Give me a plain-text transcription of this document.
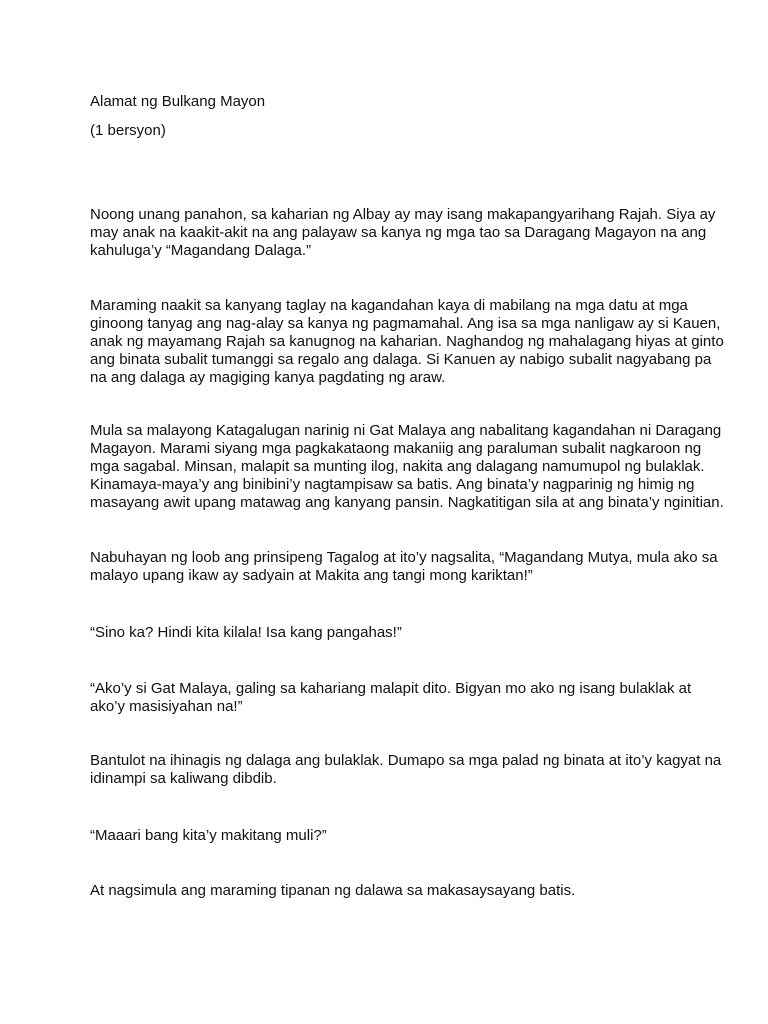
Alamat ng Bulkang Mayon

(1 bersyon)

Noong unang panahon, sa kaharian ng Albay ay may isang makapangyarihang Rajah. Siya ay
may anak na kaakit-akit na ang palayaw sa kanya ng mga tao sa Daragang Magayon na ang
kahuluga’y “Magandang Dalaga.”

Maraming naakit sa kanyang taglay na kagandahan kaya di mabilang na mga datu at mga
ginoong tanyag ang nag-alay sa kanya ng pagmamahal. Ang isa sa mga nanligaw ay si Kauen,
anak ng mayamang Rajah sa kanugnog na kaharian. Naghandog ng mahalagang hiyas at ginto
ang binata subalit tumanggi sa regalo ang dalaga. Si Kanuen ay nabigo subalit nagyabang pa
na ang dalaga ay magiging kanya pagdating ng araw.

Mula sa malayong Katagalugan narinig ni Gat Malaya ang nabalitang kagandahan ni Daragang
Magayon. Marami siyang mga pagkakataong makaniig ang paraluman subalit nagkaroon ng
mga sagabal. Minsan, malapit sa munting ilog, nakita ang dalagang namumupol ng bulaklak.
Kinamaya-maya’y ang binibini’y nagtampisaw sa batis. Ang binata’y nagparinig ng himig ng
masayang awit upang matawag ang kanyang pansin. Nagkatitigan sila at ang binata’y nginitian.

Nabuhayan ng loob ang prinsipeng Tagalog at ito’y nagsalita, “Magandang Mutya, mula ako sa
malayo upang ikaw ay sadyain at Makita ang tangi mong kariktan!”

“Sino ka? Hindi kita kilala! Isa kang pangahas!”

“Ako’y si Gat Malaya, galing sa kahariang malapit dito. Bigyan mo ako ng isang bulaklak at
ako’y masisiyahan na!”

Bantulot na ihinagis ng dalaga ang bulaklak. Dumapo sa mga palad ng binata at ito’y kagyat na
idinampi sa kaliwang dibdib.

“Maaari bang kita’y makitang muli?”

At nagsimula ang maraming tipanan ng dalawa sa makasaysayang batis.
